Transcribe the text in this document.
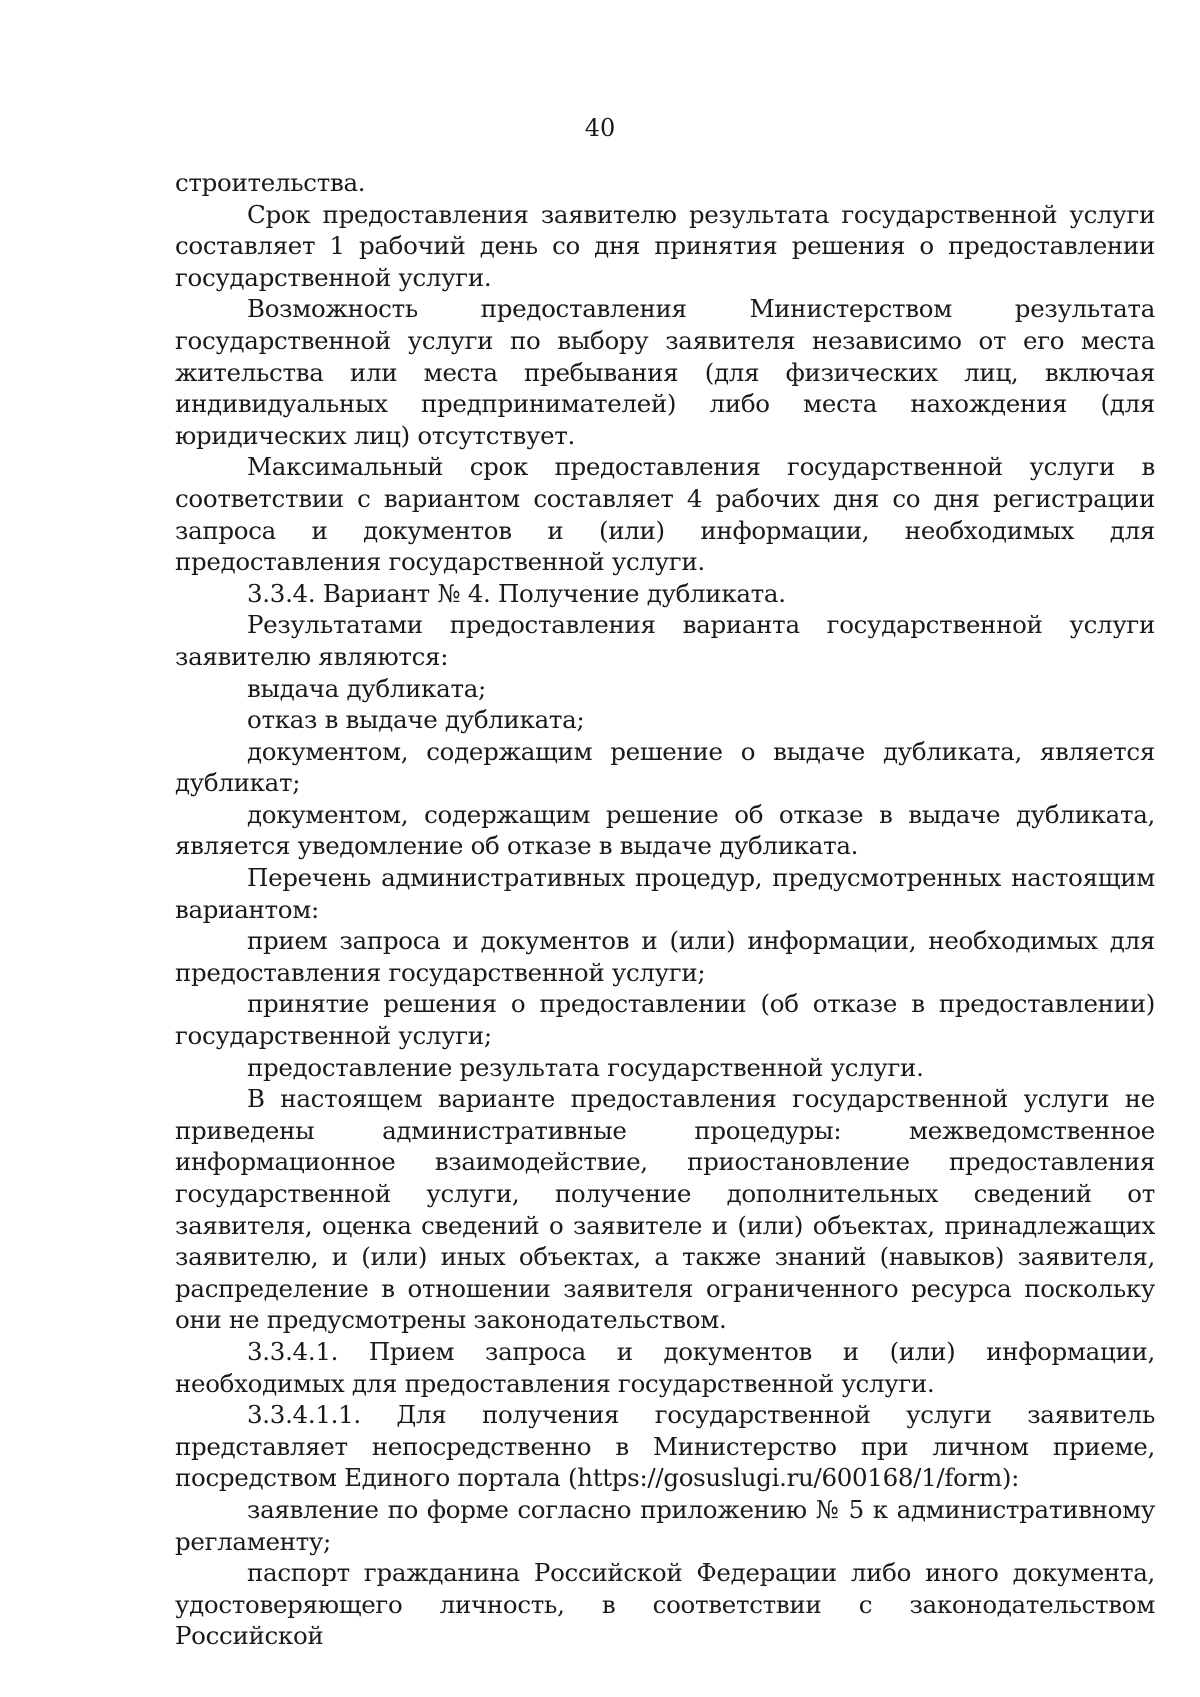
40

строительства.

Срок предоставления заявителю результата государственной услуги составляет 1 рабочий день со дня принятия решения о предоставлении государственной услуги.

Возможность предоставления Министерством результата государственной услуги по выбору заявителя независимо от его места жительства или места пребывания (для физических лиц, включая индивидуальных предпринимателей) либо места нахождения (для юридических лиц) отсутствует.

Максимальный срок предоставления государственной услуги в соответствии с вариантом составляет 4 рабочих дня со дня регистрации запроса и документов и (или) информации, необходимых для предоставления государственной услуги.

3.3.4. Вариант № 4. Получение дубликата.

Результатами предоставления варианта государственной услуги заявителю являются:

выдача дубликата;

отказ в выдаче дубликата;

документом, содержащим решение о выдаче дубликата, является дубликат;

документом, содержащим решение об отказе в выдаче дубликата, является уведомление об отказе в выдаче дубликата.

Перечень административных процедур, предусмотренных настоящим вариантом:

прием запроса и документов и (или) информации, необходимых для предоставления государственной услуги;

принятие решения о предоставлении (об отказе в предоставлении) государственной услуги;

предоставление результата государственной услуги.

В настоящем варианте предоставления государственной услуги не приведены административные процедуры: межведомственное информационное взаимодействие, приостановление предоставления государственной услуги, получение дополнительных сведений от заявителя, оценка сведений о заявителе и (или) объектах, принадлежащих заявителю, и (или) иных объектах, а также знаний (навыков) заявителя, распределение в отношении заявителя ограниченного ресурса поскольку они не предусмотрены законодательством.

3.3.4.1. Прием запроса и документов и (или) информации, необходимых для предоставления государственной услуги.

3.3.4.1.1. Для получения государственной услуги заявитель представляет непосредственно в Министерство при личном приеме, посредством Единого портала (https://gosuslugi.ru/600168/1/form):

заявление по форме согласно приложению № 5 к административному регламенту;

паспорт гражданина Российской Федерации либо иного документа, удостоверяющего личность, в соответствии с законодательством Российской
